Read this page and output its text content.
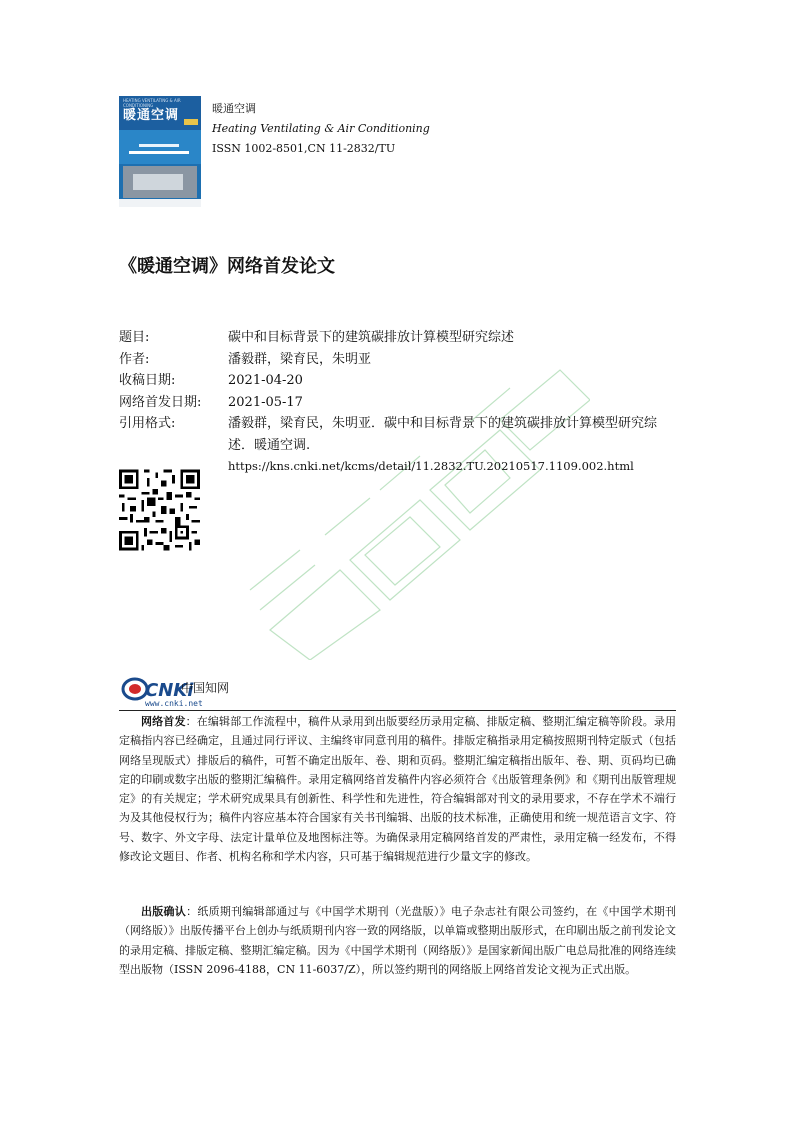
HEATING VENTILATING & AIR CONDITIONING
暖通空调	暖通空调
Heating Ventilating & Air Conditioning
ISSN 1002-8501,CN 11-2832/TU
《暖通空调》网络首发论文
题目:	碳中和目标背景下的建筑碳排放计算模型研究综述
作者:	潘毅群，梁育民，朱明亚
收稿日期:	2021-04-20
网络首发日期:	2021-05-17
引用格式:	潘毅群，梁育民，朱明亚．碳中和目标背景下的建筑碳排放计算模型研究综
述．暖通空调.
https://kns.cnki.net/kcms/detail/11.2832.TU.20210517.1109.002.html
CNKi
中国知网
www.cnki.net

网络首发：在编辑部工作流程中，稿件从录用到出版要经历录用定稿、排版定稿、整期汇编定稿等阶段。录用定稿指内容已经确定，且通过同行评议、主编终审同意刊用的稿件。排版定稿指录用定稿按照期刊特定版式（包括网络呈现版式）排版后的稿件，可暂不确定出版年、卷、期和页码。整期汇编定稿指出版年、卷、期、页码均已确定的印刷或数字出版的整期汇编稿件。录用定稿网络首发稿件内容必须符合《出版管理条例》和《期刊出版管理规定》的有关规定；学术研究成果具有创新性、科学性和先进性，符合编辑部对刊文的录用要求，不存在学术不端行为及其他侵权行为；稿件内容应基本符合国家有关书刊编辑、出版的技术标准，正确使用和统一规范语言文字、符号、数字、外文字母、法定计量单位及地图标注等。为确保录用定稿网络首发的严肃性，录用定稿一经发布，不得修改论文题目、作者、机构名称和学术内容，只可基于编辑规范进行少量文字的修改。

出版确认：纸质期刊编辑部通过与《中国学术期刊（光盘版）》电子杂志社有限公司签约，在《中国学术期刊（网络版）》出版传播平台上创办与纸质期刊内容一致的网络版，以单篇或整期出版形式，在印刷出版之前刊发论文的录用定稿、排版定稿、整期汇编定稿。因为《中国学术期刊（网络版）》是国家新闻出版广电总局批准的网络连续型出版物（ISSN 2096-4188，CN 11-6037/Z），所以签约期刊的网络版上网络首发论文视为正式出版。
